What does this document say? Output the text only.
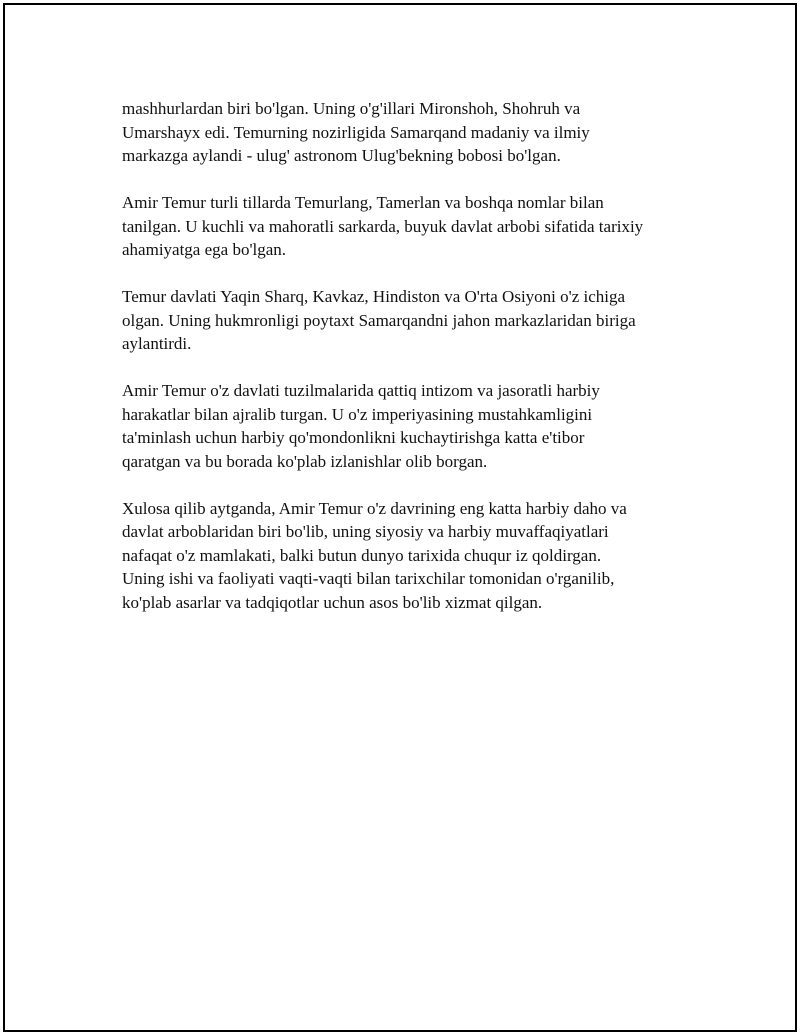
mashhurlardan biri bo'lgan. Uning o'g'illari Mironshoh, Shohruh va
Umarshayx edi. Temurning nozirligida Samarqand madaniy va ilmiy
markazga aylandi - ulug' astronom Ulug'bekning bobosi bo'lgan.

Amir Temur turli tillarda Temurlang, Tamerlan va boshqa nomlar bilan
tanilgan. U kuchli va mahoratli sarkarda, buyuk davlat arbobi sifatida tarixiy
ahamiyatga ega bo'lgan.

Temur davlati Yaqin Sharq, Kavkaz, Hindiston va O'rta Osiyoni o'z ichiga
olgan. Uning hukmronligi poytaxt Samarqandni jahon markazlaridan biriga
aylantirdi.

Amir Temur o'z davlati tuzilmalarida qattiq intizom va jasoratli harbiy
harakatlar bilan ajralib turgan. U o'z imperiyasining mustahkamligini
ta'minlash uchun harbiy qo'mondonlikni kuchaytirishga katta e'tibor
qaratgan va bu borada ko'plab izlanishlar olib borgan.

Xulosa qilib aytganda, Amir Temur o'z davrining eng katta harbiy daho va
davlat arboblaridan biri bo'lib, uning siyosiy va harbiy muvaffaqiyatlari
nafaqat o'z mamlakati, balki butun dunyo tarixida chuqur iz qoldirgan.
Uning ishi va faoliyati vaqti-vaqti bilan tarixchilar tomonidan o'rganilib,
ko'plab asarlar va tadqiqotlar uchun asos bo'lib xizmat qilgan.
